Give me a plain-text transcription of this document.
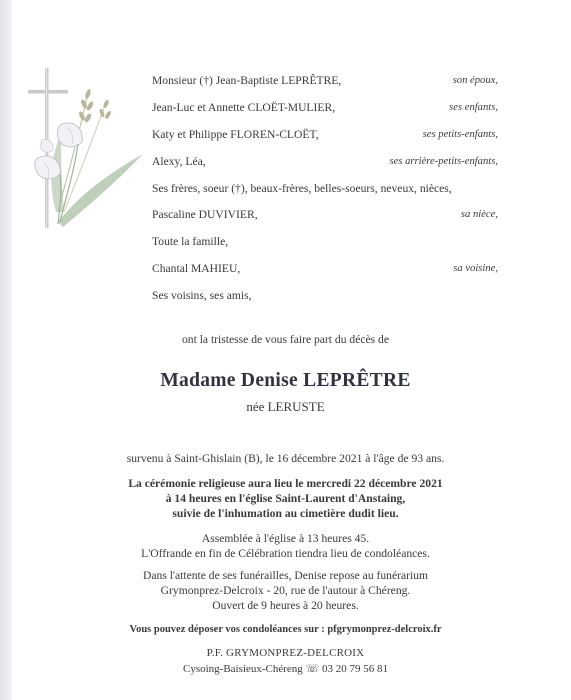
Monsieur (†) Jean-Baptiste LEPRÊTRE,	son époux,
Jean-Luc et Annette CLOËT-MULIER,	ses enfants,
Katy et Philippe FLOREN-CLOËT,	ses petits-enfants,
Alexy, Léa,	ses arrière-petits-enfants,
Ses frères, soeur (†), beaux-frères, belles-soeurs, neveux, nièces,
Pascaline DUVIVIER,	sa nièce,
Toute la famille,
Chantal MAHIEU,	sa voisine,
Ses voisins, ses amis,
ont la tristesse de vous faire part du décès de
Madame Denise LEPRÊTRE
née LERUSTE
survenu à Saint-Ghislain (B), le 16 décembre 2021 à l'âge de 93 ans.
La cérémonie religieuse aura lieu le mercredi 22 décembre 2021
à 14 heures en l'église Saint-Laurent d'Anstaing,
suivie de l'inhumation au cimetière dudit lieu.
Assemblée à l'église à 13 heures 45.
L'Offrande en fin de Célébration tiendra lieu de condoléances.
Dans l'attente de ses funérailles, Denise repose au funérarium
Grymonprez-Delcroix - 20, rue de l'autour à Chéreng.
Ouvert de 9 heures à 20 heures.
Vous pouvez déposer vos condoléances sur : pfgrymonprez-delcroix.fr
P.F. GRYMONPREZ-DELCROIX
Cysoing-Baisieux-Chéreng ☏ 03 20 79 56 81
